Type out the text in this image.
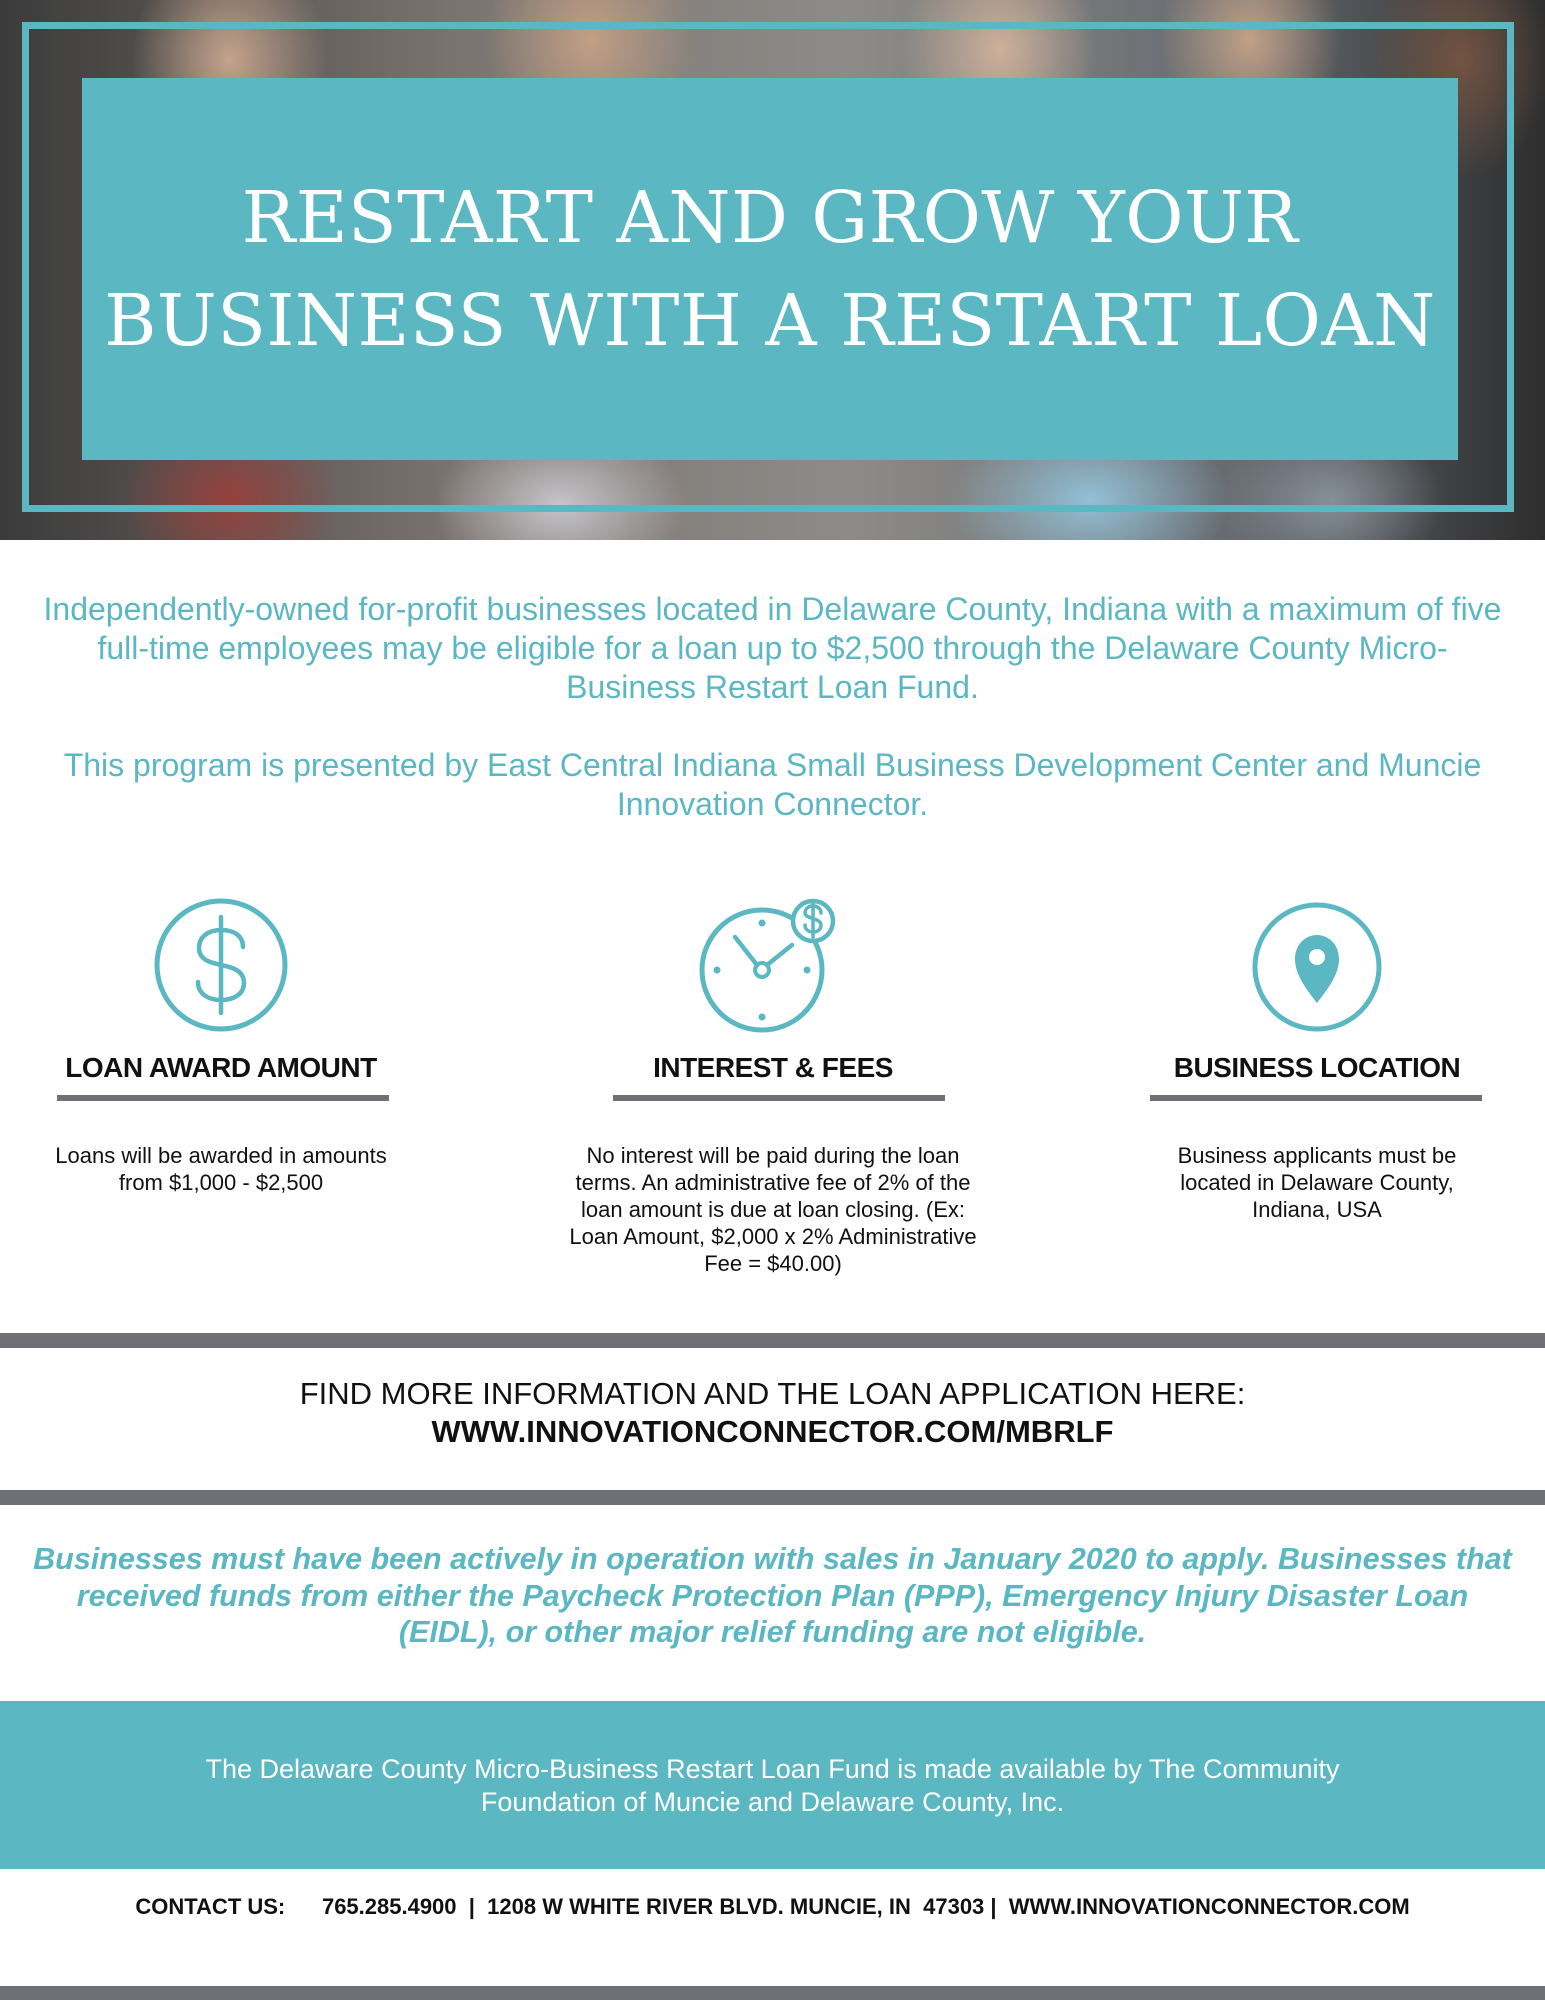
RESTART AND GROW YOUR
BUSINESS WITH A RESTART LOAN

Independently-owned for-profit businesses located in Delaware County, Indiana with a maximum of five full-time employees may be eligible for a loan up to $2,500 through the Delaware County Micro-Business Restart Loan Fund.

This program is presented by East Central Indiana Small Business Development Center and Muncie Innovation Connector.

LOAN AWARD AMOUNT
Loans will be awarded in amounts from $1,000 - $2,500
INTEREST & FEES
No interest will be paid during the loan terms. An administrative fee of 2% of the loan amount is due at loan closing. (Ex: Loan Amount, $2,000 x 2% Administrative Fee = $40.00)
BUSINESS LOCATION
Business applicants must be located in Delaware County, Indiana, USA
FIND MORE INFORMATION AND THE LOAN APPLICATION HERE:
WWW.INNOVATIONCONNECTOR.COM/MBRLF
Businesses must have been actively in operation with sales in January 2020 to apply. Businesses that received funds from either the Paycheck Protection Plan (PPP), Emergency Injury Disaster Loan (EIDL), or other major relief funding are not eligible.
The Delaware County Micro-Business Restart Loan Fund is made available by The Community Foundation of Muncie and Delaware County, Inc.
CONTACT US: 765.285.4900  |  1208 W WHITE RIVER BLVD. MUNCIE, IN  47303 |  WWW.INNOVATIONCONNECTOR.COM
